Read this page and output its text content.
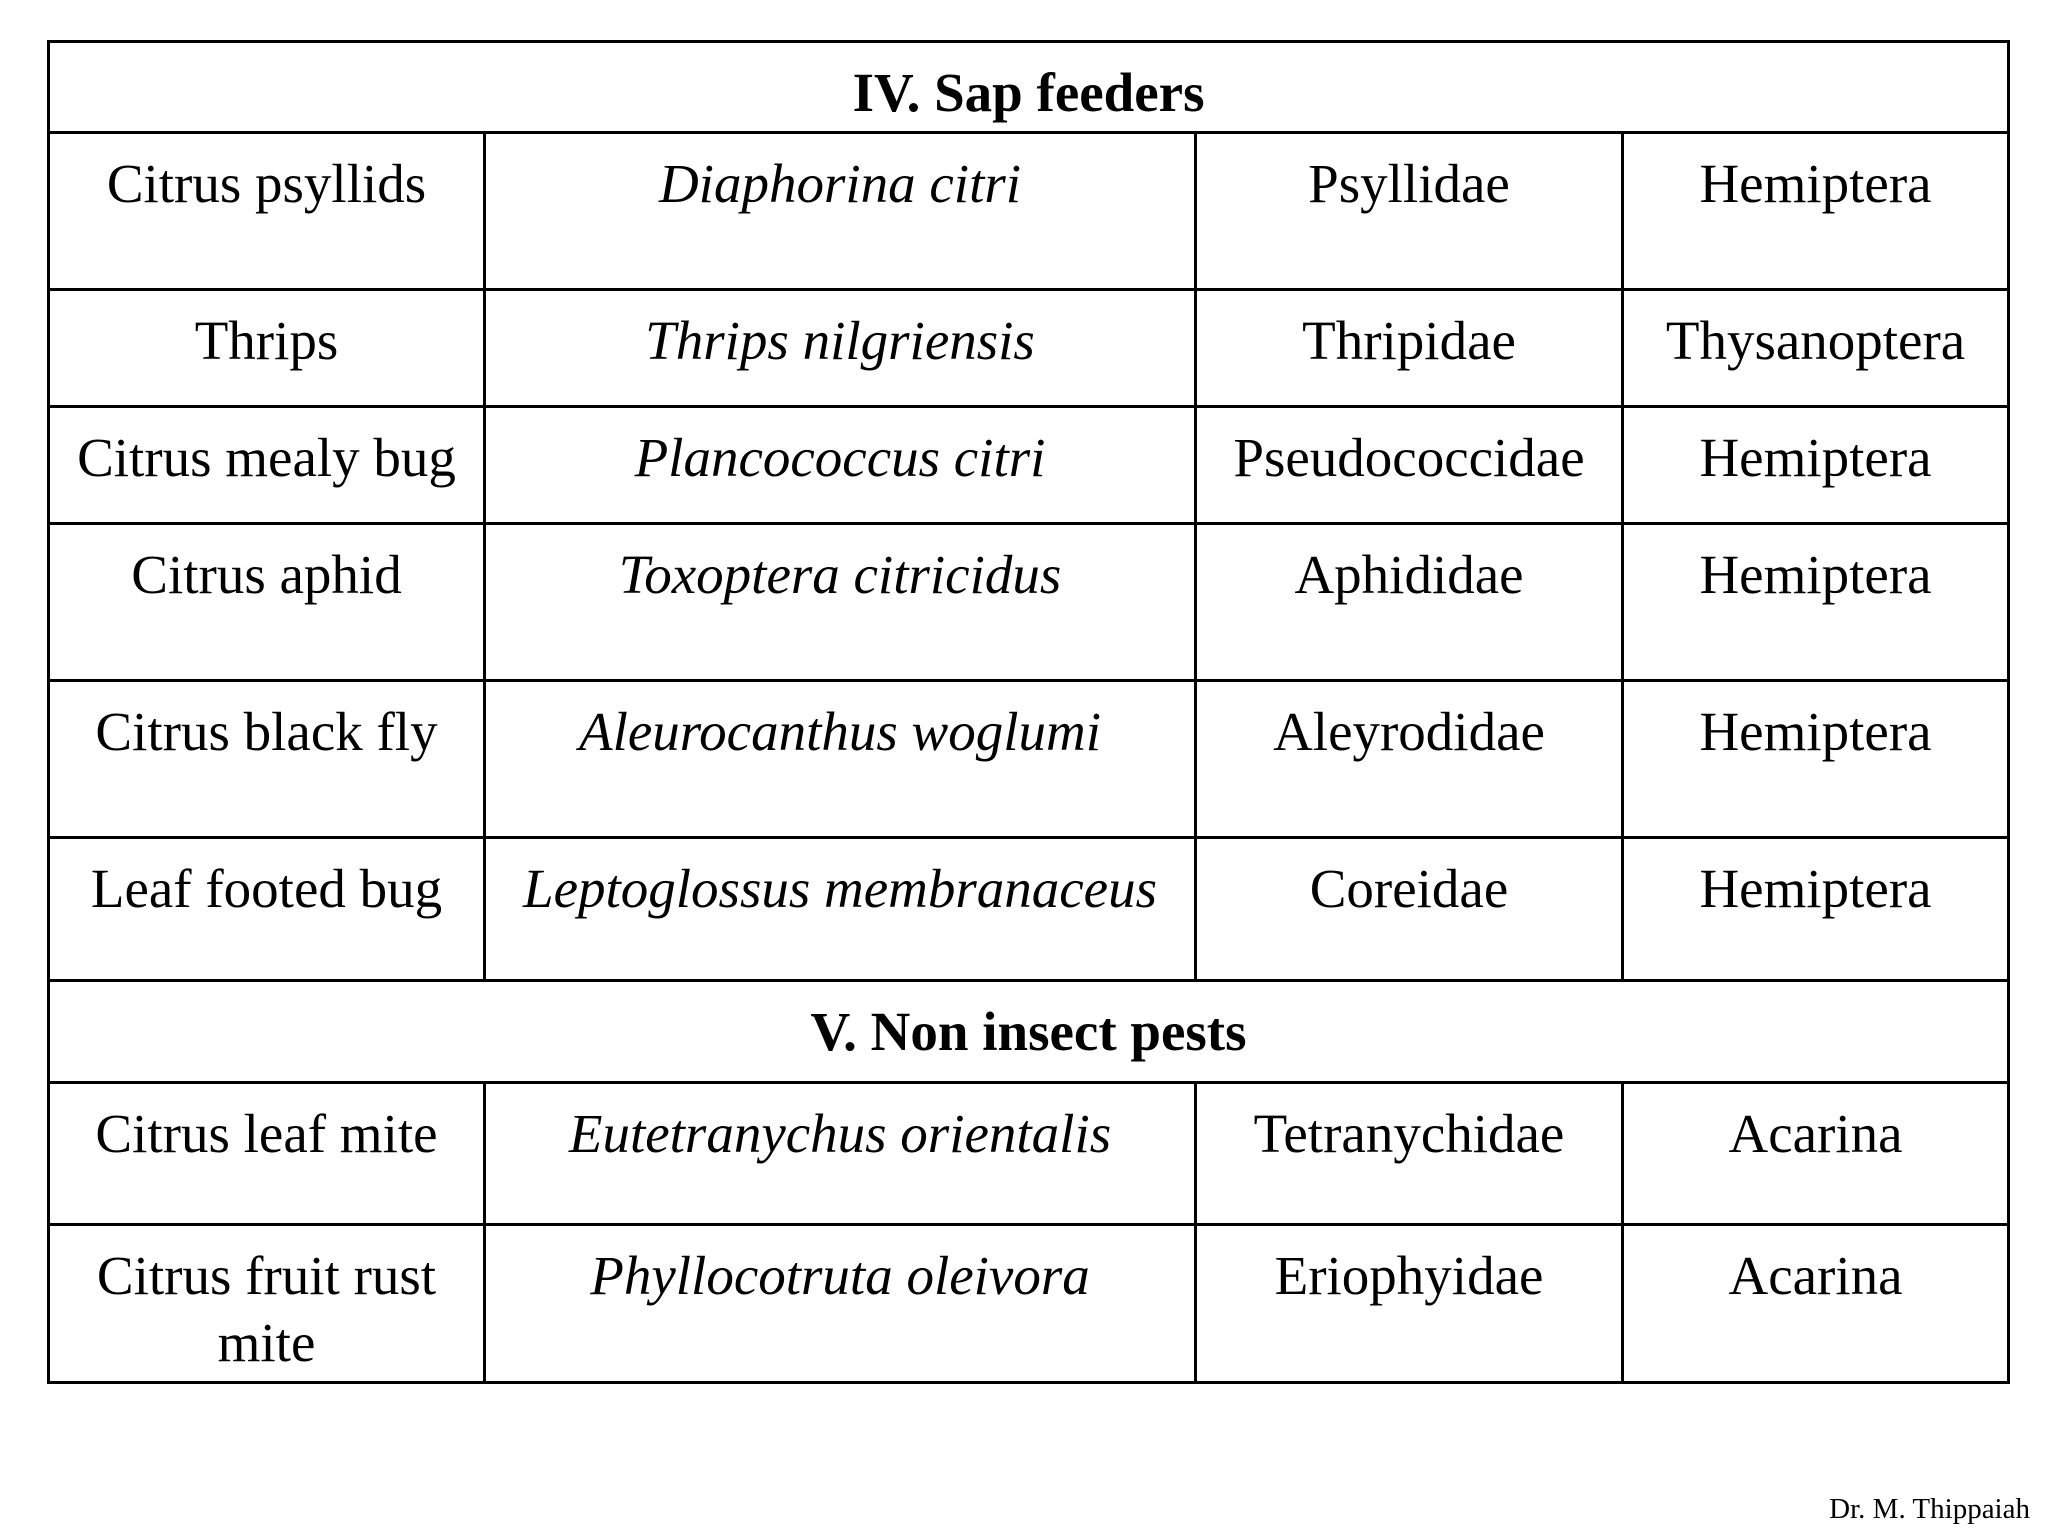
IV. Sap feeders			
Citrus psyllids	Diaphorina citri	Psyllidae	Hemiptera
Thrips	Thrips nilgriensis	Thripidae	Thysanoptera
Citrus mealy bug	Plancococcus citri	Pseudococcidae	Hemiptera
Citrus aphid	Toxoptera citricidus	Aphididae	Hemiptera
Citrus black fly	Aleurocanthus woglumi	Aleyrodidae	Hemiptera
Leaf footed bug	Leptoglossus membranaceus	Coreidae	Hemiptera
V. Non insect pests			
Citrus leaf mite	Eutetranychus orientalis	Tetranychidae	Acarina
Citrus fruit rust mite	Phyllocotruta oleivora	Eriophyidae	Acarina
Dr. M. Thippaiah
